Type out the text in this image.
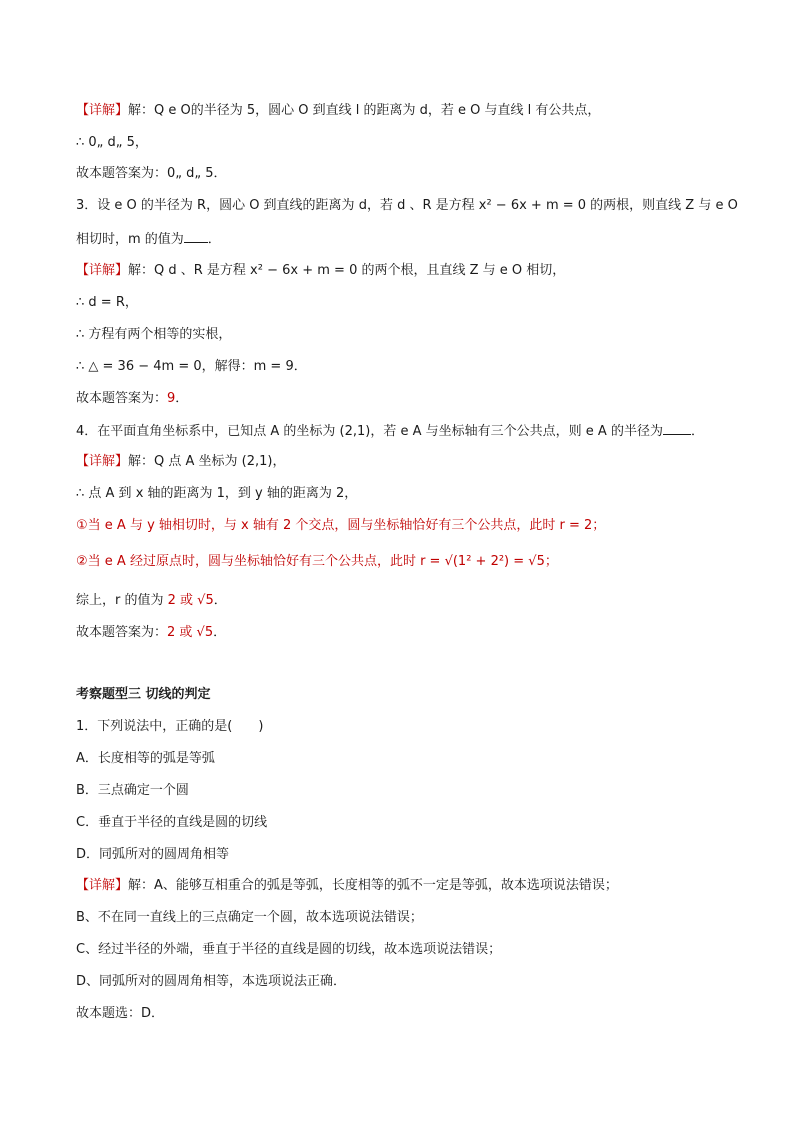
【详解】解：Q e O的半径为 5，圆心 O 到直线 l 的距离为 d，若 e O 与直线 l 有公共点，
∴ 0„ d„ 5，
故本题答案为：0„ d„ 5．
3．设 e O 的半径为 R，圆心 O 到直线的距离为 d，若 d 、R 是方程 x² − 6x + m = 0 的两根，则直线 Z 与 e O
相切时，m 的值为 ．
【详解】解：Q d 、R 是方程 x² − 6x + m = 0 的两个根，且直线 Z 与 e O 相切，
∴ d = R，
∴ 方程有两个相等的实根，
∴ △ = 36 − 4m = 0，解得：m = 9．
故本题答案为：9．
4．在平面直角坐标系中，已知点 A 的坐标为 (2,1)，若 e A 与坐标轴有三个公共点，则 e A 的半径为 ．
【详解】解：Q 点 A 坐标为 (2,1)，
∴ 点 A 到 x 轴的距离为 1，到 y 轴的距离为 2，
①当 e A 与 y 轴相切时，与 x 轴有 2 个交点，圆与坐标轴恰好有三个公共点，此时 r = 2；
②当 e A 经过原点时，圆与坐标轴恰好有三个公共点，此时 r = √(1² + 2²) = √5；
综上，r 的值为 2 或 √5．
故本题答案为：2 或 √5．
考察题型三 切线的判定
1．下列说法中，正确的是(　　)
A．长度相等的弧是等弧
B．三点确定一个圆
C．垂直于半径的直线是圆的切线
D．同弧所对的圆周角相等
【详解】解：A、能够互相重合的弧是等弧，长度相等的弧不一定是等弧，故本选项说法错误；
B、不在同一直线上的三点确定一个圆，故本选项说法错误；
C、经过半径的外端，垂直于半径的直线是圆的切线，故本选项说法错误；
D、同弧所对的圆周角相等，本选项说法正确．
故本题选：D．
